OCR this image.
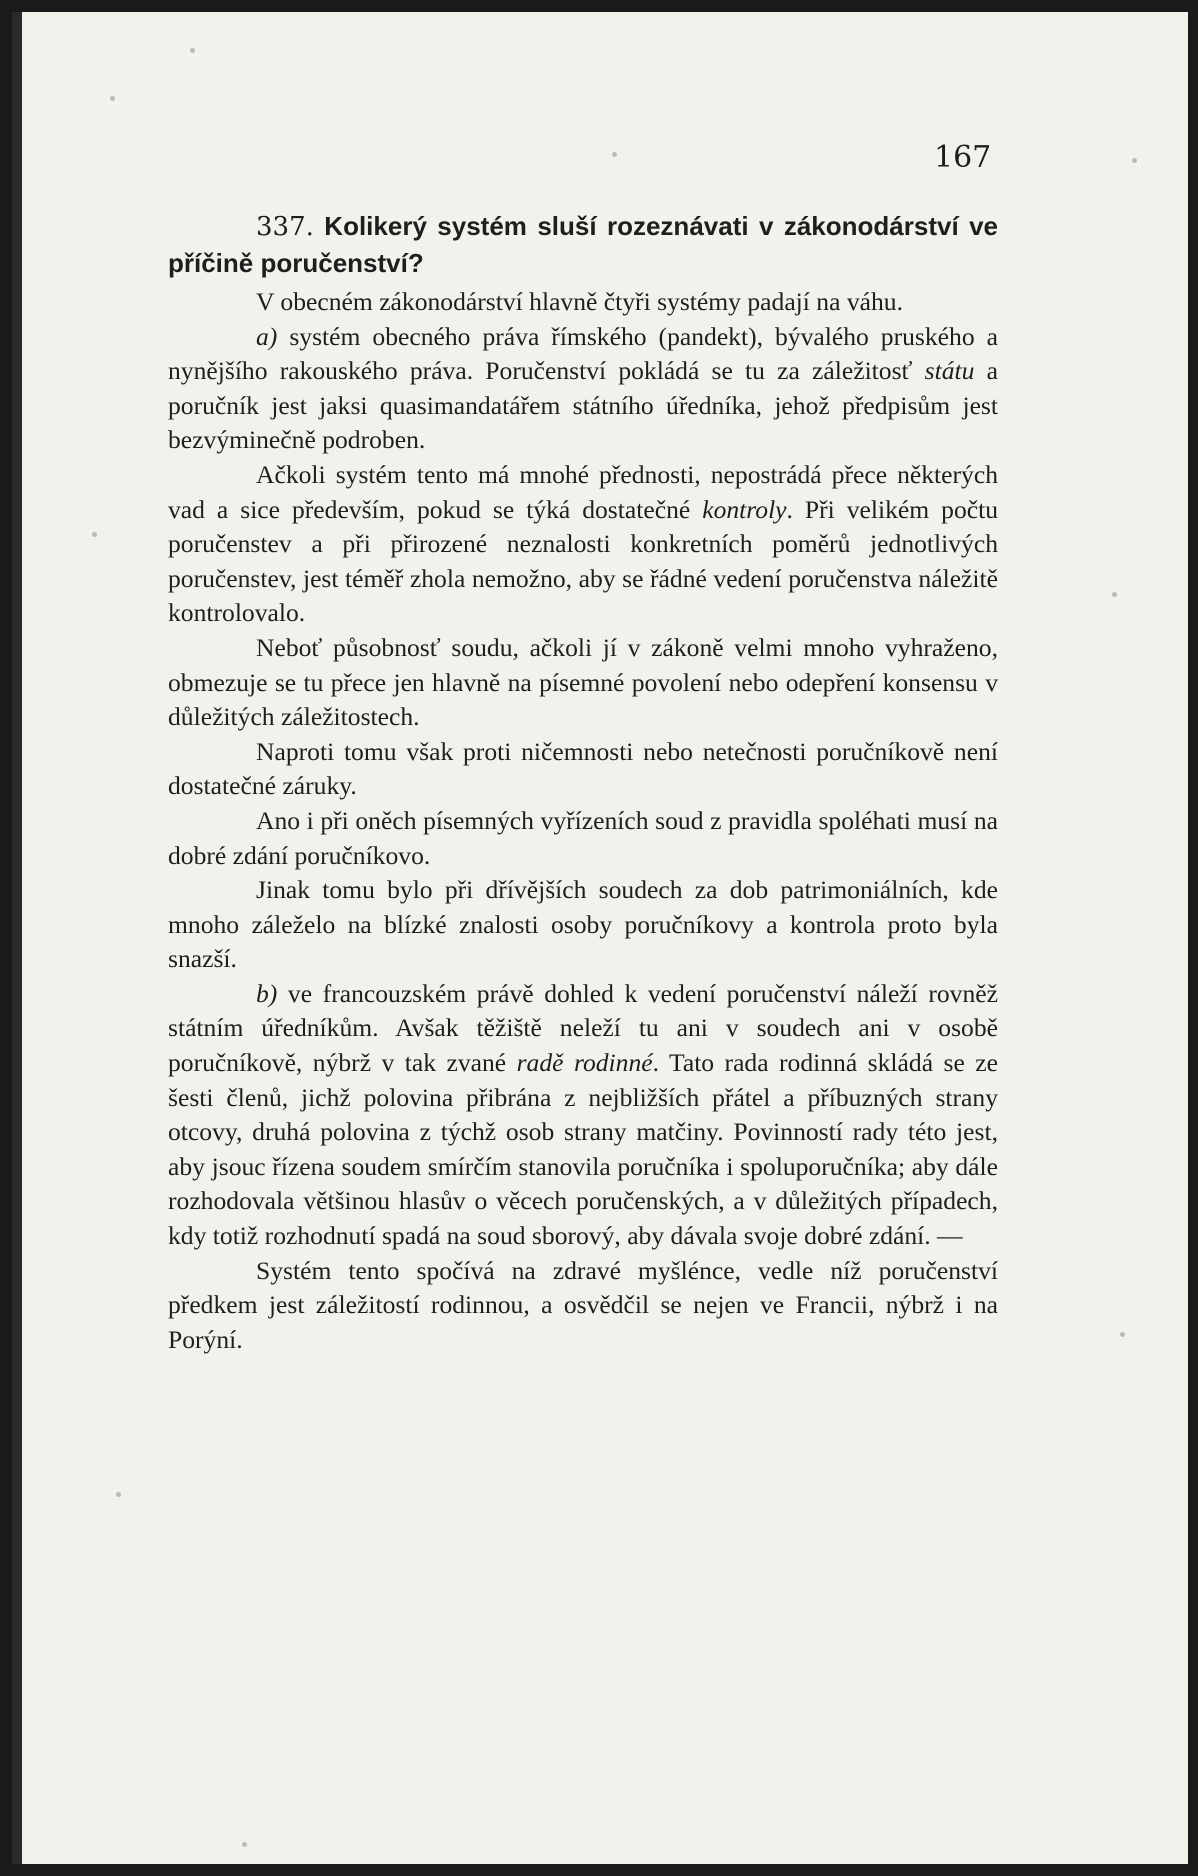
167

337. Kolikerý systém sluší rozeznávati v zákonodárství ve příčině poručenství?

V obecném zákonodárství hlavně čtyři systémy padají na váhu.

a) systém obecného práva římského (pandekt), bývalého pruského a nynějšího rakouského práva. Poručenství pokládá se tu za záležitosť státu a poručník jest jaksi quasimandatářem státního úředníka, jehož předpisům jest bezvýminečně podroben.

Ačkoli systém tento má mnohé přednosti, nepostrádá přece některých vad a sice především, pokud se týká dostatečné kontroly. Při velikém počtu poručenstev a při přirozené neznalosti konkretních poměrů jednotlivých poručenstev, jest téměř zhola nemožno, aby se řádné vedení poručenstva náležitě kontrolovalo.

Neboť působnosť soudu, ačkoli jí v zákoně velmi mnoho vyhraženo, obmezuje se tu přece jen hlavně na písemné povolení nebo odepření konsensu v důležitých záležitostech.

Naproti tomu však proti ničemnosti nebo netečnosti poručníkově není dostatečné záruky.

Ano i při oněch písemných vyřízeních soud z pravidla spoléhati musí na dobré zdání poručníkovo.

Jinak tomu bylo při dřívějších soudech za dob patrimoniálních, kde mnoho záleželo na blízké znalosti osoby poručníkovy a kontrola proto byla snazší.

b) ve francouzském právě dohled k vedení poručenství náleží rovněž státním úředníkům. Avšak těžiště neleží tu ani v soudech ani v osobě poručníkově, nýbrž v tak zvané radě rodinné. Tato rada rodinná skládá se ze šesti členů, jichž polovina přibrána z nejbližších přátel a příbuzných strany otcovy, druhá polovina z týchž osob strany matčiny. Povinností rady této jest, aby jsouc řízena soudem smírčím stanovila poručníka i spoluporučníka; aby dále rozhodovala většinou hlasův o věcech poručenských, a v důležitých případech, kdy totiž rozhodnutí spadá na soud sborový, aby dávala svoje dobré zdání. —

Systém tento spočívá na zdravé myšlénce, vedle níž poručenství předkem jest záležitostí rodinnou, a osvědčil se nejen ve Francii, nýbrž i na Porýní.
